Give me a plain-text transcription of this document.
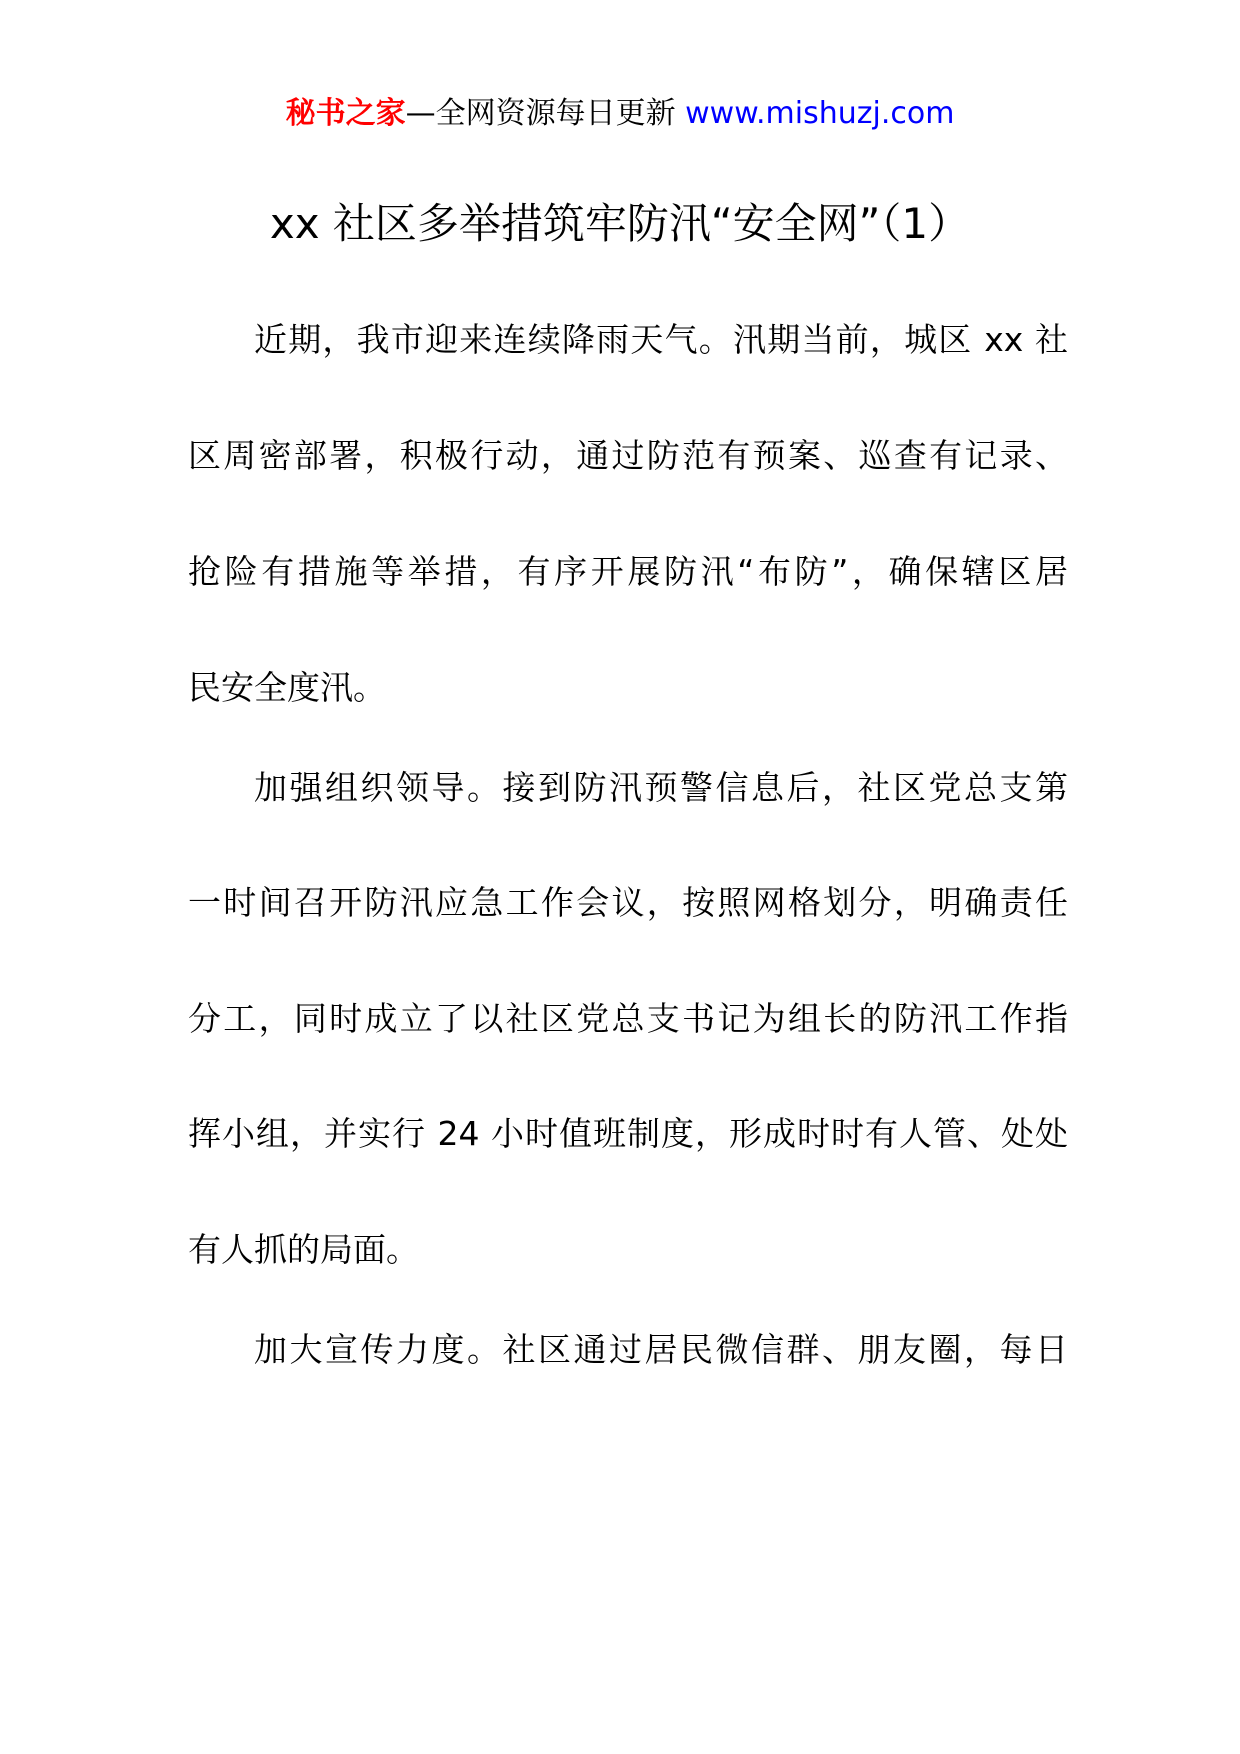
秘书之家—全网资源每日更新 www.mishuzj.com
xx 社区多举措筑牢防汛“安全网”（1）

近期，我市迎来连续降雨天气。汛期当前，城区 xx 社

区周密部署，积极行动，通过防范有预案、巡查有记录、

抢险有措施等举措，有序开展防汛“布防”，确保辖区居

民安全度汛。

加强组织领导。接到防汛预警信息后，社区党总支第

一时间召开防汛应急工作会议，按照网格划分，明确责任

分工，同时成立了以社区党总支书记为组长的防汛工作指

挥小组，并实行 24 小时值班制度，形成时时有人管、处处

有人抓的局面。

加大宣传力度。社区通过居民微信群、朋友圈，每日
